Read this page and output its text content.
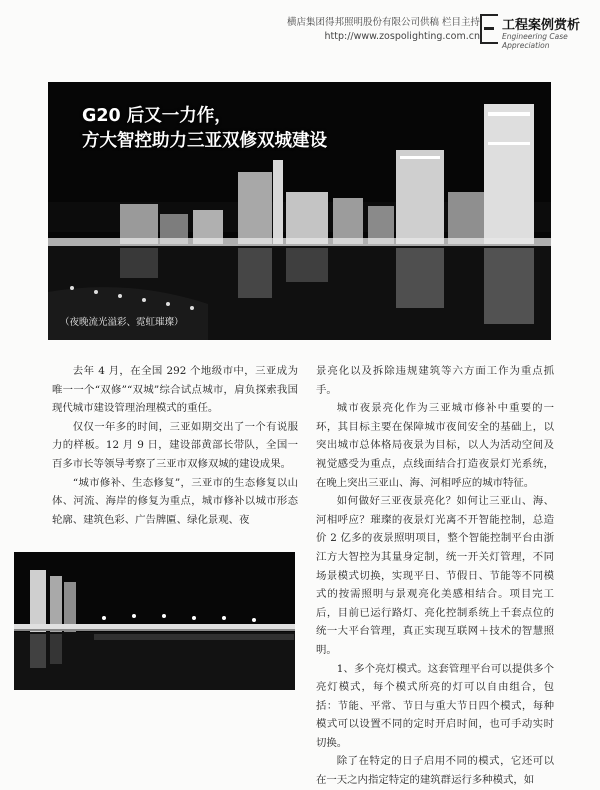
横店集团得邦照明股份有限公司供稿 栏目主持
http://www.zospolighting.com.cn
工程案例赏析
Engineering Case Appreciation
G20 后又一力作，
方大智控助力三亚双修双城建设
（夜晚流光溢彩、霓虹璀璨）

去年 4 月，在全国 292 个地级市中，三亚成为唯一一个“双修”“双城”综合试点城市，肩负探索我国现代城市建设管理治理模式的重任。

仅仅一年多的时间，三亚如期交出了一个有说服力的样板。12 月 9 日，建设部黄部长带队，全国一百多市长等领导考察了三亚市双修双城的建设成果。

“城市修补、生态修复”，三亚市的生态修复以山体、河流、海岸的修复为重点，城市修补以城市形态轮廓、建筑色彩、广告牌匾、绿化景观、夜

景亮化以及拆除违规建筑等六方面工作为重点抓手。

城市夜景亮化作为三亚城市修补中重要的一环，其目标主要在保障城市夜间安全的基础上，以突出城市总体格局夜景为目标，以人为活动空间及视觉感受为重点，点线面结合打造夜景灯光系统，在晚上突出三亚山、海、河相呼应的城市特征。

如何做好三亚夜景亮化？如何让三亚山、海、河相呼应？璀璨的夜景灯光离不开智能控制，总造价 2 亿多的夜景照明项目，整个智能控制平台由浙江方大智控为其量身定制，统一开关灯管理，不同场景模式切换，实现平日、节假日、节能等不同模式的按需照明与景观亮化美感相结合。项目完工后，目前已运行路灯、亮化控制系统上千套点位的统一大平台管理，真正实现互联网＋技术的智慧照明。

1、多个亮灯模式。这套管理平台可以提供多个亮灯模式，每个模式所亮的灯可以自由组合，包括：节能、平常、节日与重大节日四个模式，每种模式可以设置不同的定时开启时间，也可手动实时切换。

除了在特定的日子启用不同的模式，它还可以在一天之内指定特定的建筑群运行多种模式，如
